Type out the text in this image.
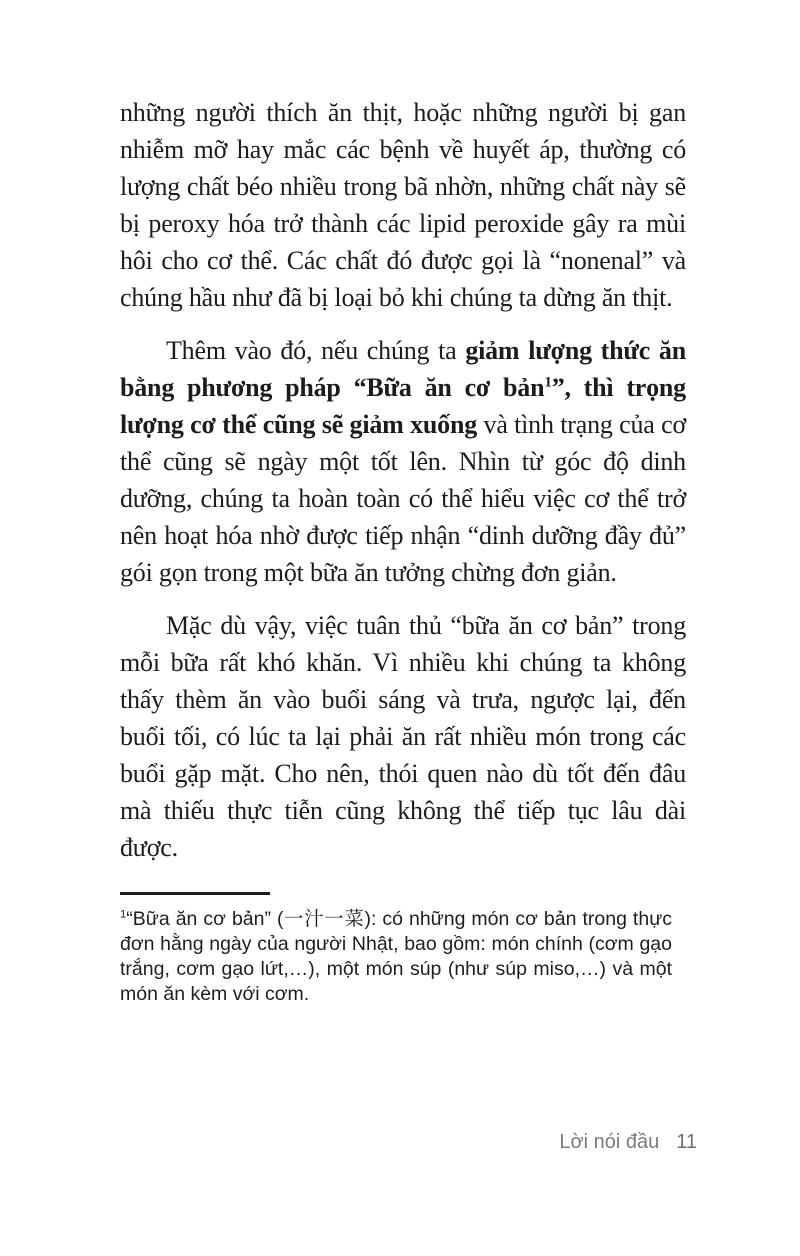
những người thích ăn thịt, hoặc những người bị gan nhiễm mỡ hay mắc các bệnh về huyết áp, thường có lượng chất béo nhiều trong bã nhờn, những chất này sẽ bị peroxy hóa trở thành các lipid peroxide gây ra mùi hôi cho cơ thể. Các chất đó được gọi là “nonenal” và chúng hầu như đã bị loại bỏ khi chúng ta dừng ăn thịt.

Thêm vào đó, nếu chúng ta giảm lượng thức ăn bằng phương pháp “Bữa ăn cơ bản$^1$”, thì trọng lượng cơ thể cũng sẽ giảm xuống và tình trạng của cơ thể cũng sẽ ngày một tốt lên. Nhìn từ góc độ dinh dưỡng, chúng ta hoàn toàn có thể hiểu việc cơ thể trở nên hoạt hóa nhờ được tiếp nhận “dinh dưỡng đầy đủ” gói gọn trong một bữa ăn tưởng chừng đơn giản.

Mặc dù vậy, việc tuân thủ “bữa ăn cơ bản” trong mỗi bữa rất khó khăn. Vì nhiều khi chúng ta không thấy thèm ăn vào buổi sáng và trưa, ngược lại, đến buổi tối, có lúc ta lại phải ăn rất nhiều món trong các buổi gặp mặt. Cho nên, thói quen nào dù tốt đến đâu mà thiếu thực tiễn cũng không thể tiếp tục lâu dài được.

$^1$“Bữa ăn cơ bản” (一汁一菜): có những món cơ bản trong thực đơn hằng ngày của người Nhật, bao gồm: món chính (cơm gạo trắng, cơm gạo lứt,…), một món súp (như súp miso,…) và một món ăn kèm với cơm.

Lời nói đầu 11
